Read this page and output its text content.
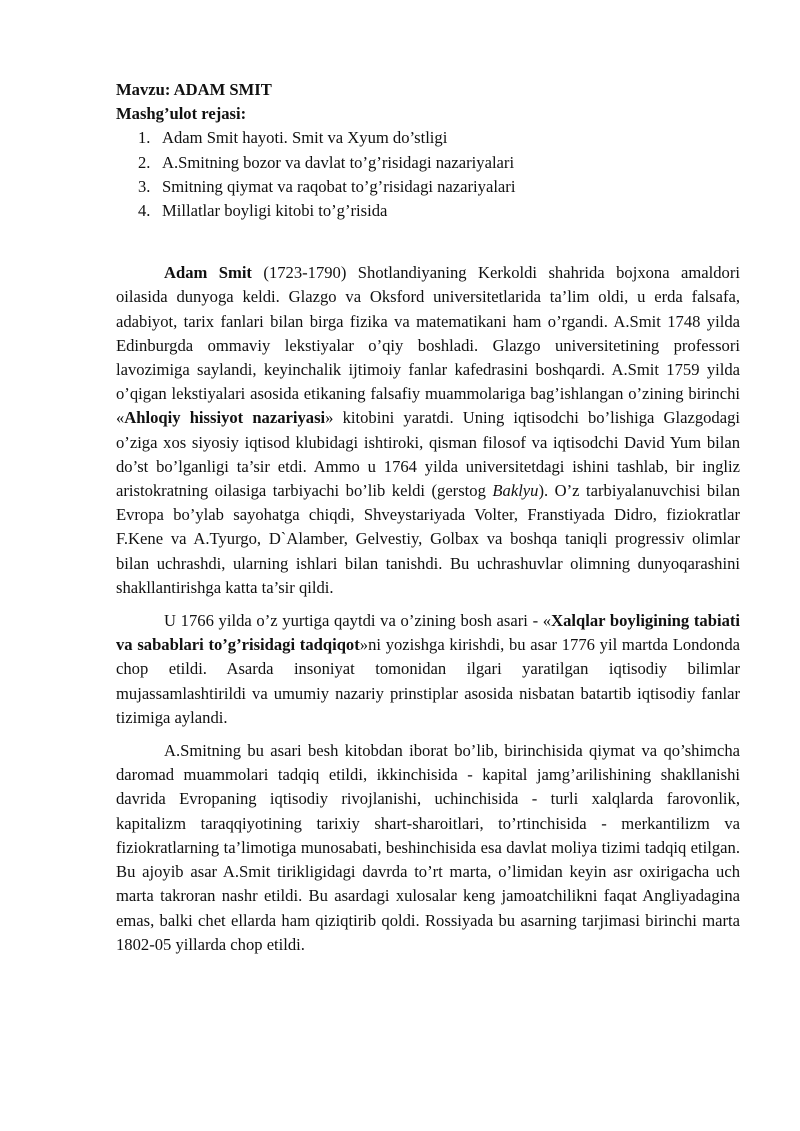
Mavzu: ADAM SMIT

Mashg’ulot rejasi:

1. Adam Smit hayoti. Smit va Xyum do’stligi
2. A.Smitning bozor va davlat to’g’risidagi nazariyalari
3. Smitning qiymat va raqobat to’g’risidagi nazariyalari
4. Millatlar boyligi kitobi to’g’risida

Adam Smit (1723-1790) Shotlandiyaning Kerkoldi shahrida bojxona amaldori oilasida dunyoga keldi. Glazgo va Oksford universitetlarida ta’lim oldi, u erda falsafa, adabiyot, tarix fanlari bilan birga fizika va matematikani ham o’rgandi. A.Smit 1748 yilda Edinburgda ommaviy lekstiyalar o’qiy boshladi. Glazgo universitetining professori lavozimiga saylandi, keyinchalik ijtimoiy fanlar kafedrasini boshqardi. A.Smit 1759 yilda o’qigan lekstiyalari asosida etikaning falsafiy muammolariga bag’ishlangan o’zining birinchi «Ahloqiy hissiyot nazariyasi» kitobini yaratdi. Uning iqtisodchi bo’lishiga Glazgodagi o’ziga xos siyosiy iqtisod klubidagi ishtiroki, qisman filosof va iqtisodchi David Yum bilan do’st bo’lganligi ta’sir etdi. Ammo u 1764 yilda universitetdagi ishini tashlab, bir ingliz aristokratning oilasiga tarbiyachi bo’lib keldi (gerstog Baklyu). O’z tarbiyalanuvchisi bilan Evropa bo’ylab sayohatga chiqdi, Shveystariyada Volter, Franstiyada Didro, fiziokratlar F.Kene va A.Tyurgo, D`Alamber, Gelvestiy, Golbax va boshqa taniqli progressiv olimlar bilan uchrashdi, ularning ishlari bilan tanishdi. Bu uchrashuvlar olimning dunyoqarashini shakllantirishga katta ta’sir qildi.

U 1766 yilda o’z yurtiga qaytdi va o’zining bosh asari - «Xalqlar boyligining tabiati va sabablari to’g’risidagi tadqiqot»ni yozishga kirishdi, bu asar 1776 yil martda Londonda chop etildi. Asarda insoniyat tomonidan ilgari yaratilgan iqtisodiy bilimlar mujassamlashtirildi va umumiy nazariy prinstiplar asosida nisbatan batartib iqtisodiy fanlar tizimiga aylandi.

A.Smitning bu asari besh kitobdan iborat bo’lib, birinchisida qiymat va qo’shimcha daromad muammolari tadqiq etildi, ikkinchisida - kapital jamg’arilishining shakllanishi davrida Evropaning iqtisodiy rivojlanishi, uchinchisida - turli xalqlarda farovonlik, kapitalizm taraqqiyotining tarixiy shart-sharoitlari, to’rtinchisida - merkantilizm va fiziokratlarning ta’limotiga munosabati, beshinchisida esa davlat moliya tizimi tadqiq etilgan. Bu ajoyib asar A.Smit tirikligidagi davrda to’rt marta, o’limidan keyin asr oxirigacha uch marta takroran nashr etildi. Bu asardagi xulosalar keng jamoatchilikni faqat Angliyadagina emas, balki chet ellarda ham qiziqtirib qoldi. Rossiyada bu asarning tarjimasi birinchi marta 1802-05 yillarda chop etildi.
